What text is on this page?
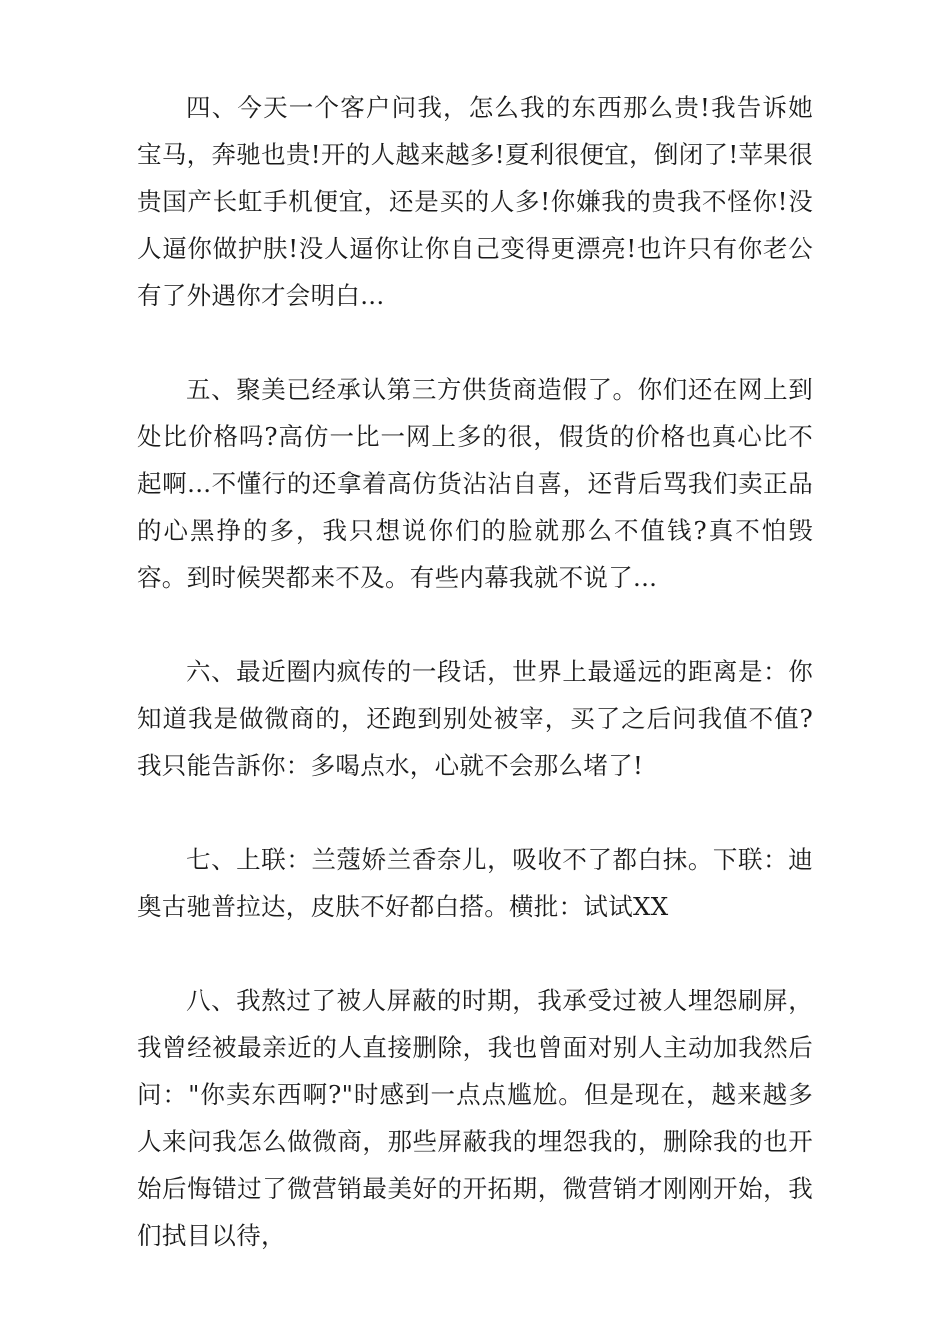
四、今天一个客户问我，怎么我的东西那么贵!我告诉她宝马，奔驰也贵!开的人越来越多!夏利很便宜，倒闭了!苹果很贵国产长虹手机便宜，还是买的人多!你嫌我的贵我不怪你!没人逼你做护肤!没人逼你让你自己变得更漂亮!也许只有你老公有了外遇你才会明白...

五、聚美已经承认第三方供货商造假了。你们还在网上到处比价格吗?高仿一比一网上多的很，假货的价格也真心比不起啊...不懂行的还拿着高仿货沾沾自喜，还背后骂我们卖正品的心黑挣的多，我只想说你们的脸就那么不值钱?真不怕毁容。到时候哭都来不及。有些内幕我就不说了...

六、最近圈内疯传的一段话，世界上最遥远的距离是：你知道我是做微商的，还跑到别处被宰，买了之后问我值不值?我只能告訴你：多喝点水，心就不会那么堵了!

七、上联：兰蔻娇兰香奈儿，吸收不了都白抹。下联：迪奥古驰普拉达，皮肤不好都白搭。横批：试试XX

八、我熬过了被人屏蔽的时期，我承受过被人埋怨刷屏，我曾经被最亲近的人直接删除，我也曾面对别人主动加我然后问："你卖东西啊?"时感到一点点尴尬。但是现在，越来越多人来问我怎么做微商，那些屏蔽我的埋怨我的，删除我的也开始后悔错过了微营销最美好的开拓期，微营销才刚刚开始，我们拭目以待，
